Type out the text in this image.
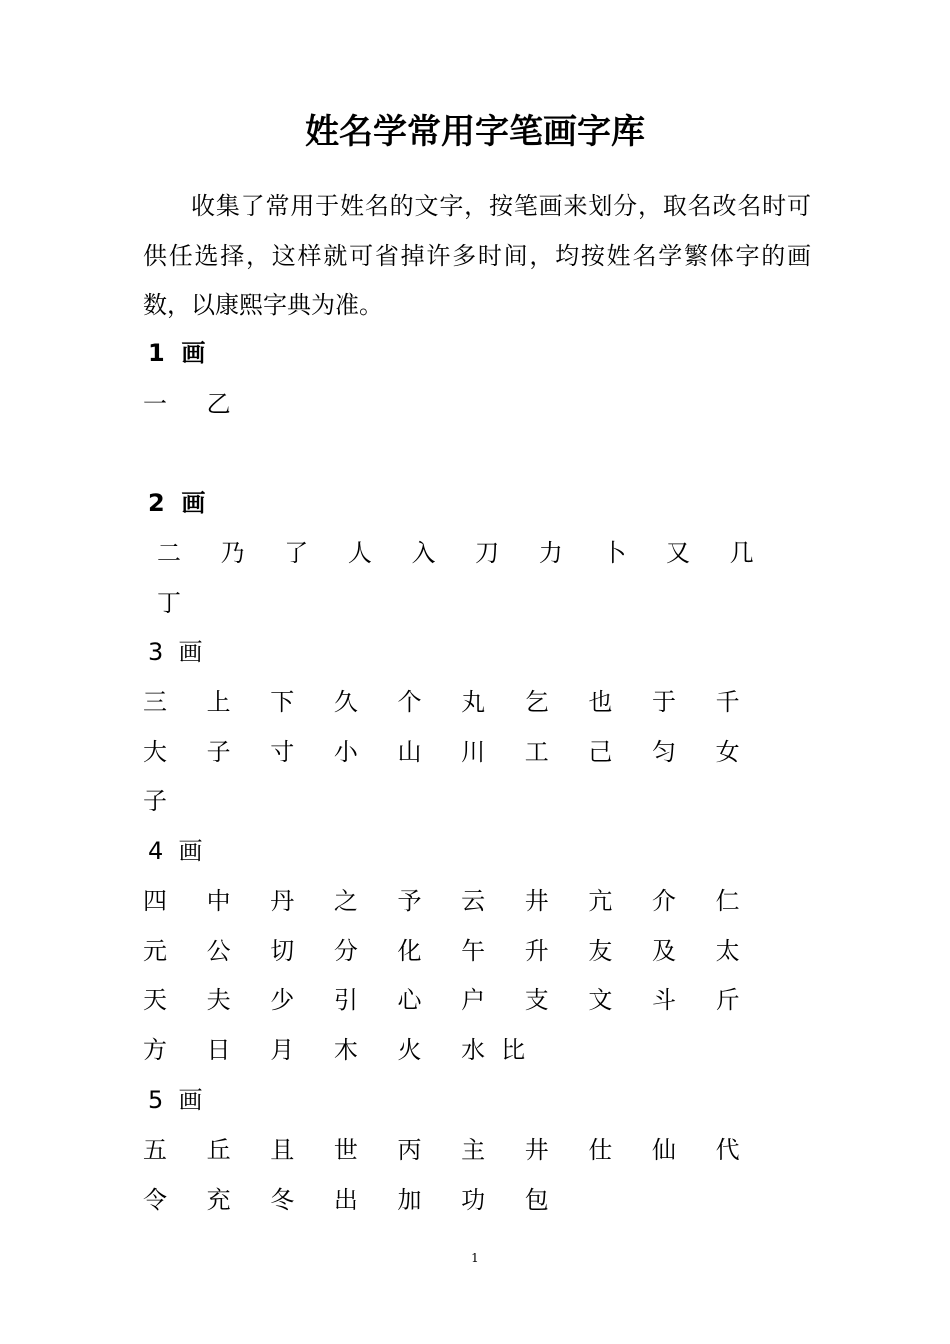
姓名学常用字笔画字库
收集了常用于姓名的文字，按笔画来划分，取名改名时可供任选择，这样就可省掉许多时间，均按姓名学繁体字的画数，以康熙字典为准。
1  画
一 乙
2  画
二 乃 了 人 入 刀 力 卜 又 几 丁
3  画
三 上 下 久 个 丸 乞 也 于 千 大 子 寸 小 山 川 工 己 匀 女 子
4  画
四 中 丹 之 予 云 井 亢 介 仁 元 公 切 分 化 午 升 友 及 太 天 夫 少 引 心 户 支 文 斗 斤 方 日 月 木 火 水比
5  画
五 丘 且 世 丙 主 井 仕 仙 代 令 充 冬 出 加 功 包
1
